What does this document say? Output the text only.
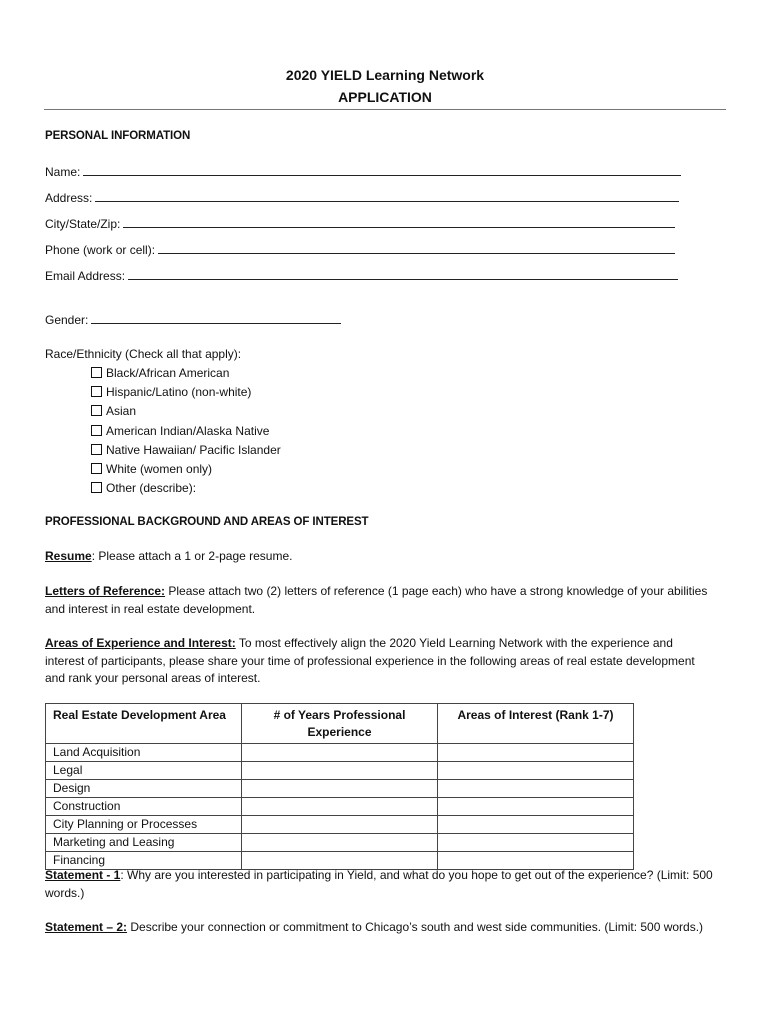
2020 YIELD Learning Network
APPLICATION
PERSONAL INFORMATION
Name:
Address:
City/State/Zip:
Phone (work or cell):
Email Address:
Gender:
Race/Ethnicity (Check all that apply):
Black/African American
Hispanic/Latino (non-white)
Asian
American Indian/Alaska Native
Native Hawaiian/ Pacific Islander
White (women only)
Other (describe):
PROFESSIONAL BACKGROUND AND AREAS OF INTEREST
Resume: Please attach a 1 or 2-page resume.
Letters of Reference: Please attach two (2) letters of reference (1 page each) who have a strong knowledge of your abilities and interest in real estate development.
Areas of Experience and Interest: To most effectively align the 2020 Yield Learning Network with the experience and interest of participants, please share your time of professional experience in the following areas of real estate development and rank your personal areas of interest.
Real Estate Development Area	# of Years Professional Experience	Areas of Interest (Rank 1-7)
Land Acquisition		
Legal		
Design		
Construction		
City Planning or Processes		
Marketing and Leasing		
Financing		
Statement - 1: Why are you interested in participating in Yield, and what do you hope to get out of the experience? (Limit: 500 words.)
Statement – 2: Describe your connection or commitment to Chicago’s south and west side communities. (Limit: 500 words.)
